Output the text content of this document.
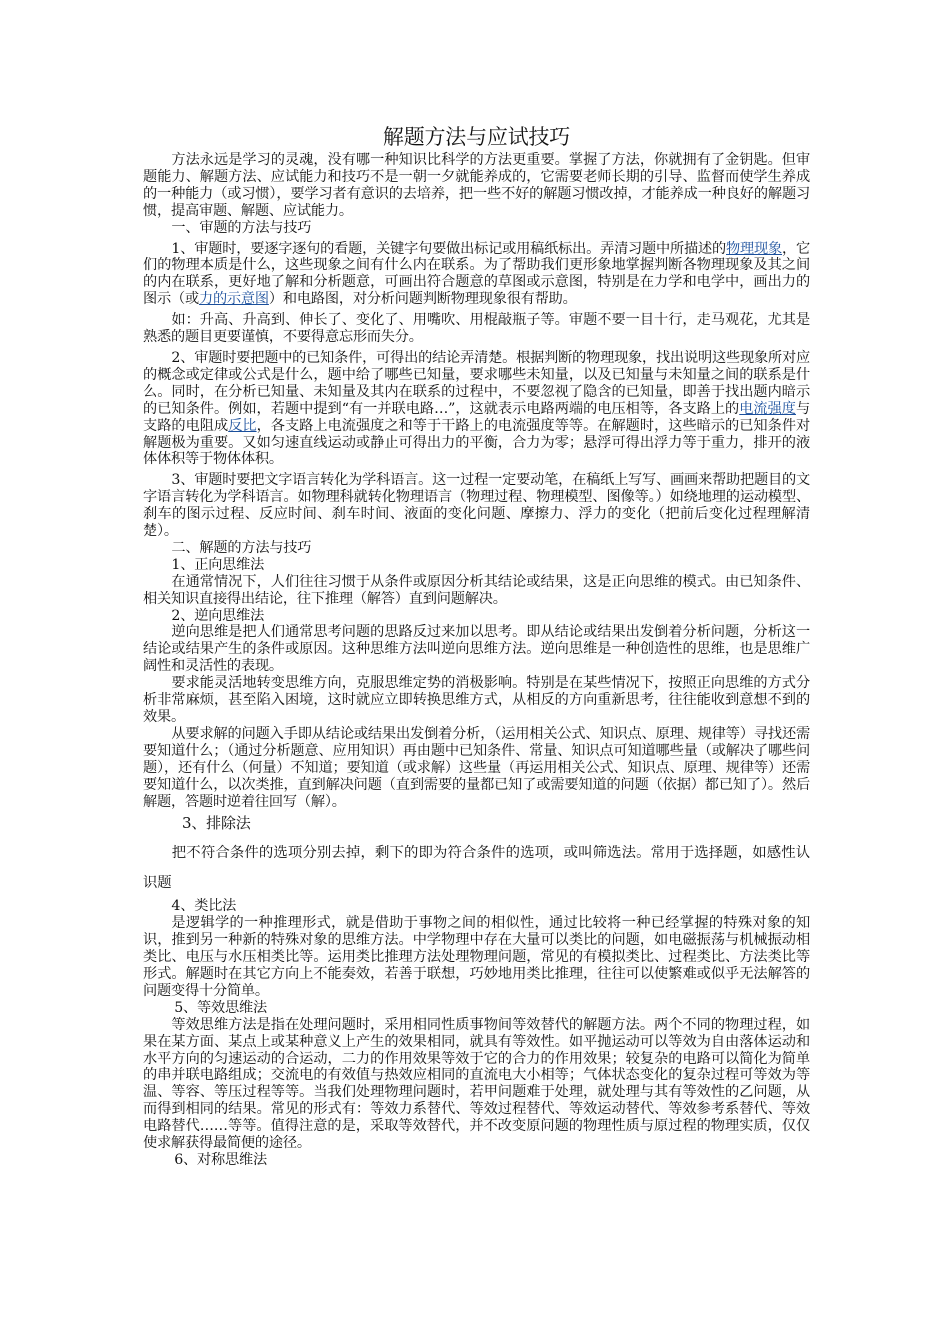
解题方法与应试技巧

方法永远是学习的灵魂，没有哪一种知识比科学的方法更重要。掌握了方法，你就拥有了金钥匙。但审题能力、解题方法、应试能力和技巧不是一朝一夕就能养成的，它需要老师长期的引导、监督而使学生养成的一种能力（或习惯），要学习者有意识的去培养，把一些不好的解题习惯改掉，才能养成一种良好的解题习惯，提高审题、解题、应试能力。

一、审题的方法与技巧

1、审题时，要逐字逐句的看题，关键字句要做出标记或用稿纸标出。弄清习题中所描述的物理现象，它们的物理本质是什么，这些现象之间有什么内在联系。为了帮助我们更形象地掌握判断各物理现象及其之间的内在联系，更好地了解和分析题意，可画出符合题意的草图或示意图，特别是在力学和电学中，画出力的图示（或力的示意图）和电路图，对分析问题判断物理现象很有帮助。

如：升高、升高到、伸长了、变化了、用嘴吹、用棍敲瓶子等。审题不要一目十行，走马观花，尤其是熟悉的题目更要谨慎，不要得意忘形而失分。

2、审题时要把题中的已知条件，可得出的结论弄清楚。根据判断的物理现象，找出说明这些现象所对应的概念或定律或公式是什么，题中给了哪些已知量，要求哪些未知量，以及已知量与未知量之间的联系是什么。同时，在分析已知量、未知量及其内在联系的过程中，不要忽视了隐含的已知量，即善于找出题内暗示的已知条件。例如，若题中提到“有一并联电路…”，这就表示电路两端的电压相等，各支路上的电流强度与支路的电阻成反比，各支路上电流强度之和等于干路上的电流强度等等。在解题时，这些暗示的已知条件对解题极为重要。又如匀速直线运动或静止可得出力的平衡，合力为零；悬浮可得出浮力等于重力，排开的液体体积等于物体体积。

3、审题时要把文字语言转化为学科语言。这一过程一定要动笔，在稿纸上写写、画画来帮助把题目的文字语言转化为学科语言。如物理科就转化物理语言（物理过程、物理模型、图像等。）如绕地理的运动模型、刹车的图示过程、反应时间、刹车时间、液面的变化问题、摩擦力、浮力的变化（把前后变化过程理解清楚）。

二、解题的方法与技巧

1、正向思维法

在通常情况下，人们往往习惯于从条件或原因分析其结论或结果，这是正向思维的模式。由已知条件、相关知识直接得出结论，往下推理（解答）直到问题解决。

2、逆向思维法

逆向思维是把人们通常思考问题的思路反过来加以思考。即从结论或结果出发倒着分析问题，分析这一结论或结果产生的条件或原因。这种思维方法叫逆向思维方法。逆向思维是一种创造性的思维，也是思维广阔性和灵活性的表现。

要求能灵活地转变思维方向，克服思维定势的消极影响。特别是在某些情况下，按照正向思维的方式分析非常麻烦，甚至陷入困境，这时就应立即转换思维方式，从相反的方向重新思考，往往能收到意想不到的效果。

从要求解的问题入手即从结论或结果出发倒着分析，（运用相关公式、知识点、原理、规律等）寻找还需要知道什么；（通过分析题意、应用知识）再由题中已知条件、常量、知识点可知道哪些量（或解决了哪些问题），还有什么（何量）不知道；要知道（或求解）这些量（再运用相关公式、知识点、原理、规律等）还需要知道什么，以次类推，直到解决问题（直到需要的量都已知了或需要知道的问题（依据）都已知了）。然后解题，答题时逆着往回写（解）。

3、排除法

把不符合条件的选项分别去掉，剩下的即为符合条件的选项，或叫筛选法。常用于选择题，如感性认识题

4、类比法

是逻辑学的一种推理形式，就是借助于事物之间的相似性，通过比较将一种已经掌握的特殊对象的知识，推到另一种新的特殊对象的思维方法。中学物理中存在大量可以类比的问题，如电磁振荡与机械振动相类比、电压与水压相类比等。运用类比推理方法处理物理问题，常见的有模拟类比、过程类比、方法类比等形式。解题时在其它方向上不能奏效，若善于联想，巧妙地用类比推理，往往可以使繁难或似乎无法解答的问题变得十分简单。

5、等效思维法

等效思维方法是指在处理问题时，采用相同性质事物间等效替代的解题方法。两个不同的物理过程，如果在某方面、某点上或某种意义上产生的效果相同，就具有等效性。如平抛运动可以等效为自由落体运动和水平方向的匀速运动的合运动，二力的作用效果等效于它的合力的作用效果；较复杂的电路可以简化为简单的串并联电路组成；交流电的有效值与热效应相同的直流电大小相等；气体状态变化的复杂过程可等效为等温、等容、等压过程等等。当我们处理物理问题时，若甲问题难于处理，就处理与其有等效性的乙问题，从而得到相同的结果。常见的形式有：等效力系替代、等效过程替代、等效运动替代、等效参考系替代、等效电路替代……等等。值得注意的是，采取等效替代，并不改变原问题的物理性质与原过程的物理实质，仅仅使求解获得最简便的途径。

6、对称思维法
